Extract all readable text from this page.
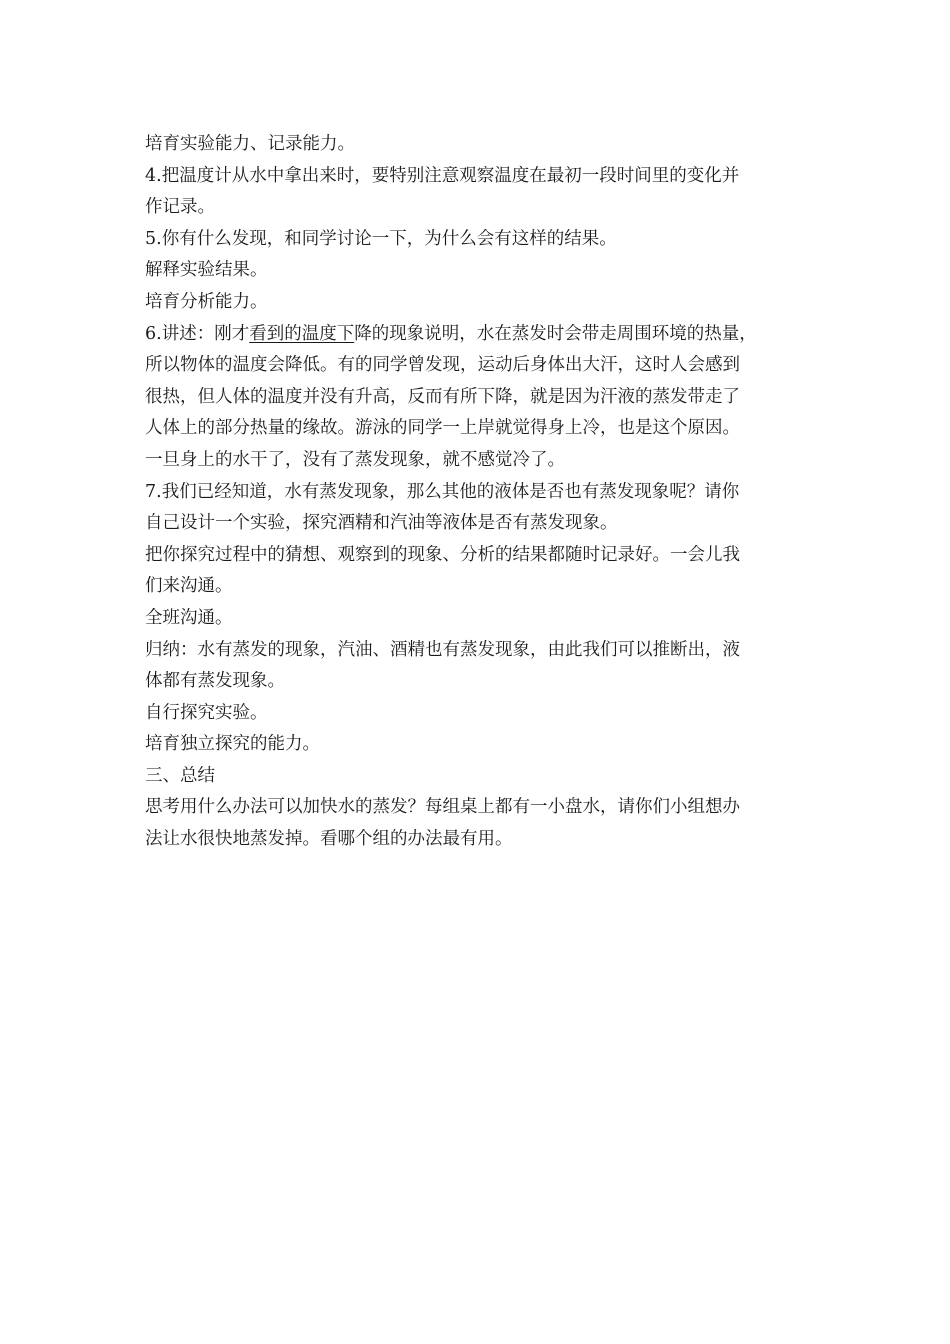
培育实验能力、记录能力。
4.把温度计从水中拿出来时，要特别注意观察温度在最初一段时间里的变化并
作记录。
5.你有什么发现，和同学讨论一下，为什么会有这样的结果。
解释实验结果。
培育分析能力。
6.讲述：刚才看到的温度下降的现象说明，水在蒸发时会带走周围环境的热量，
所以物体的温度会降低。有的同学曾发现，运动后身体出大汗，这时人会感到
很热，但人体的温度并没有升高，反而有所下降，就是因为汗液的蒸发带走了
人体上的部分热量的缘故。游泳的同学一上岸就觉得身上冷，也是这个原因。
一旦身上的水干了，没有了蒸发现象，就不感觉冷了。
7.我们已经知道，水有蒸发现象，那么其他的液体是否也有蒸发现象呢？请你
自己设计一个实验，探究酒精和汽油等液体是否有蒸发现象。
把你探究过程中的猜想、观察到的现象、分析的结果都随时记录好。一会儿我
们来沟通。
全班沟通。
归纳：水有蒸发的现象，汽油、酒精也有蒸发现象，由此我们可以推断出，液
体都有蒸发现象。
自行探究实验。
培育独立探究的能力。
三、总结
思考用什么办法可以加快水的蒸发？每组桌上都有一小盘水，请你们小组想办
法让水很快地蒸发掉。看哪个组的办法最有用。
